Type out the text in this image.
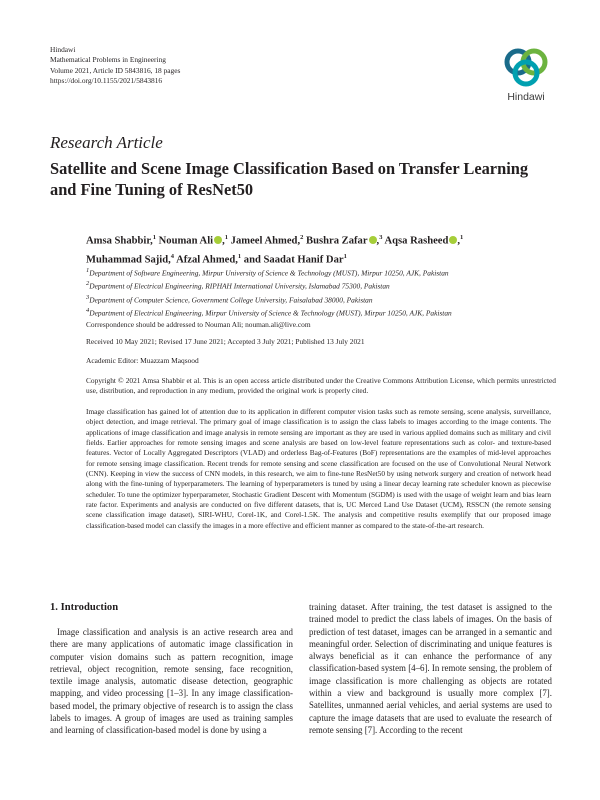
Hindawi
Mathematical Problems in Engineering
Volume 2021, Article ID 5843816, 18 pages
https://doi.org/10.1155/2021/5843816
Hindawi
Research Article
Satellite and Scene Image Classification Based on Transfer Learning and Fine Tuning of ResNet50
Amsa Shabbir,$^1$ Nouman Ali ,$^1$ Jameel Ahmed,$^2$ Bushra Zafar ,$^3$ Aqsa Rasheed ,$^1$
Muhammad Sajid,$^4$ Afzal Ahmed,$^1$ and Saadat Hanif Dar$^1$
$^1$Department of Software Engineering, Mirpur University of Science & Technology (MUST), Mirpur 10250, AJK, Pakistan
$^2$Department of Electrical Engineering, RIPHAH International University, Islamabad 75300, Pakistan
$^3$Department of Computer Science, Government College University, Faisalabad 38000, Pakistan
$^4$Department of Electrical Engineering, Mirpur University of Science & Technology (MUST), Mirpur 10250, AJK, Pakistan
Correspondence should be addressed to Nouman Ali; nouman.ali@live.com
Received 10 May 2021; Revised 17 June 2021; Accepted 3 July 2021; Published 13 July 2021
Academic Editor: Muazzam Maqsood
Copyright © 2021 Amsa Shabbir et al. This is an open access article distributed under the Creative Commons Attribution License, which permits unrestricted use, distribution, and reproduction in any medium, provided the original work is properly cited.
Image classification has gained lot of attention due to its application in different computer vision tasks such as remote sensing, scene analysis, surveillance, object detection, and image retrieval. The primary goal of image classification is to assign the class labels to images according to the image contents. The applications of image classification and image analysis in remote sensing are important as they are used in various applied domains such as military and civil fields. Earlier approaches for remote sensing images and scene analysis are based on low-level feature representations such as color- and texture-based features. Vector of Locally Aggregated Descriptors (VLAD) and orderless Bag-of-Features (BoF) representations are the examples of mid-level approaches for remote sensing image classification. Recent trends for remote sensing and scene classification are focused on the use of Convolutional Neural Network (CNN). Keeping in view the success of CNN models, in this research, we aim to fine-tune ResNet50 by using network surgery and creation of network head along with the fine-tuning of hyperparameters. The learning of hyperparameters is tuned by using a linear decay learning rate scheduler known as piecewise scheduler. To tune the optimizer hyperparameter, Stochastic Gradient Descent with Momentum (SGDM) is used with the usage of weight learn and bias learn rate factor. Experiments and analysis are conducted on five different datasets, that is, UC Merced Land Use Dataset (UCM), RSSCN (the remote sensing scene classification image dataset), SIRI-WHU, Corel-1K, and Corel-1.5K. The analysis and competitive results exemplify that our proposed image classification-based model can classify the images in a more effective and efficient manner as compared to the state-of-the-art research.
1. Introduction
Image classification and analysis is an active research area and there are many applications of automatic image classification in computer vision domains such as pattern recognition, image retrieval, object recognition, remote sensing, face recognition, textile image analysis, automatic disease detection, geographic mapping, and video processing [1–3]. In any image classification-based model, the primary objective of research is to assign the class labels to images. A group of images are used as training samples and learning of classification-based model is done by using a
training dataset. After training, the test dataset is assigned to the trained model to predict the class labels of images. On the basis of prediction of test dataset, images can be arranged in a semantic and meaningful order. Selection of discriminating and unique features is always beneficial as it can enhance the performance of any classification-based system [4–6]. In remote sensing, the problem of image classification is more challenging as objects are rotated within a view and background is usually more complex [7]. Satellites, unmanned aerial vehicles, and aerial systems are used to capture the image datasets that are used to evaluate the research of remote sensing [7]. According to the recent
